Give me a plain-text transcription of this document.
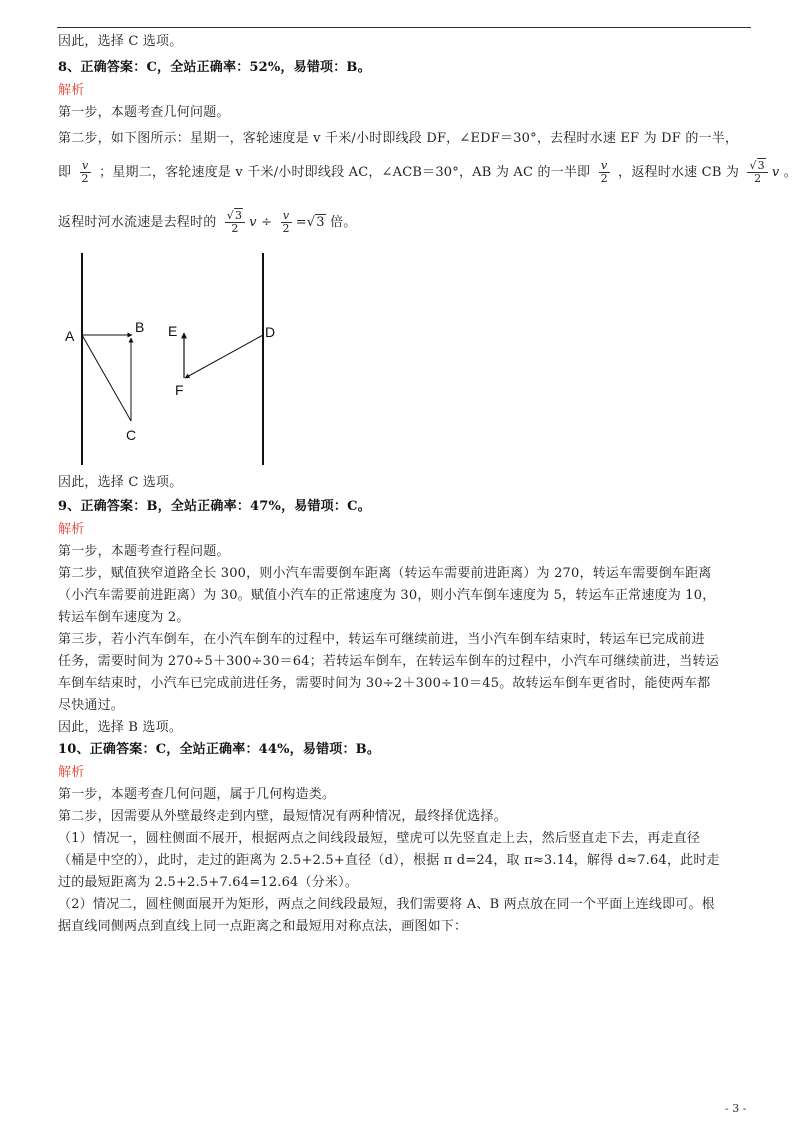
因此，选择 C 选项。
8、正确答案：C，全站正确率：52%，易错项：B。
解析
第一步，本题考查几何问题。
第二步，如下图所示：星期一，客轮速度是 v 千米/小时即线段 DF，∠EDF＝30°，去程时水速 EF 为 DF 的一半，
即 $\frac{v}{2}$ ；星期二，客轮速度是 v 千米/小时即线段 AC，∠ACB＝30°，AB 为 AC 的一半即 $\frac{v}{2}$ ，返程时水速 CB 为 $\frac{√3}{2}$ v 。
返程时河水流速是去程时的 $\frac{√3}{2}$ $v \div \frac{v}{2} =√3$ 倍。
A
B
C
D
E
F
因此，选择 C 选项。
9、正确答案：B，全站正确率：47%，易错项：C。
解析
第一步，本题考查行程问题。
第二步，赋值狭窄道路全长 300，则小汽车需要倒车距离（转运车需要前进距离）为 270，转运车需要倒车距离
（小汽车需要前进距离）为 30。赋值小汽车的正常速度为 30，则小汽车倒车速度为 5，转运车正常速度为 10，
转运车倒车速度为 2。
第三步，若小汽车倒车，在小汽车倒车的过程中，转运车可继续前进，当小汽车倒车结束时，转运车已完成前进
任务，需要时间为 270÷5＋300÷30＝64；若转运车倒车，在转运车倒车的过程中，小汽车可继续前进，当转运
车倒车结束时，小汽车已完成前进任务，需要时间为 30÷2＋300÷10＝45。故转运车倒车更省时，能使两车都
尽快通过。
因此，选择 B 选项。
10、正确答案：C，全站正确率：44%，易错项：B。
解析
第一步，本题考查几何问题，属于几何构造类。
第二步，因需要从外壁最终走到内壁，最短情况有两种情况，最终择优选择。
（1）情况一，圆柱侧面不展开，根据两点之间线段最短，壁虎可以先竖直走上去，然后竖直走下去，再走直径
（桶是中空的），此时，走过的距离为 2.5+2.5+直径（d），根据 π d=24，取 π≈3.14，解得 d≈7.64，此时走
过的最短距离为 2.5+2.5+7.64=12.64（分米）。
（2）情况二，圆柱侧面展开为矩形，两点之间线段最短，我们需要将 A、B 两点放在同一个平面上连线即可。根
据直线同侧两点到直线上同一点距离之和最短用对称点法，画图如下：
- 3 -
